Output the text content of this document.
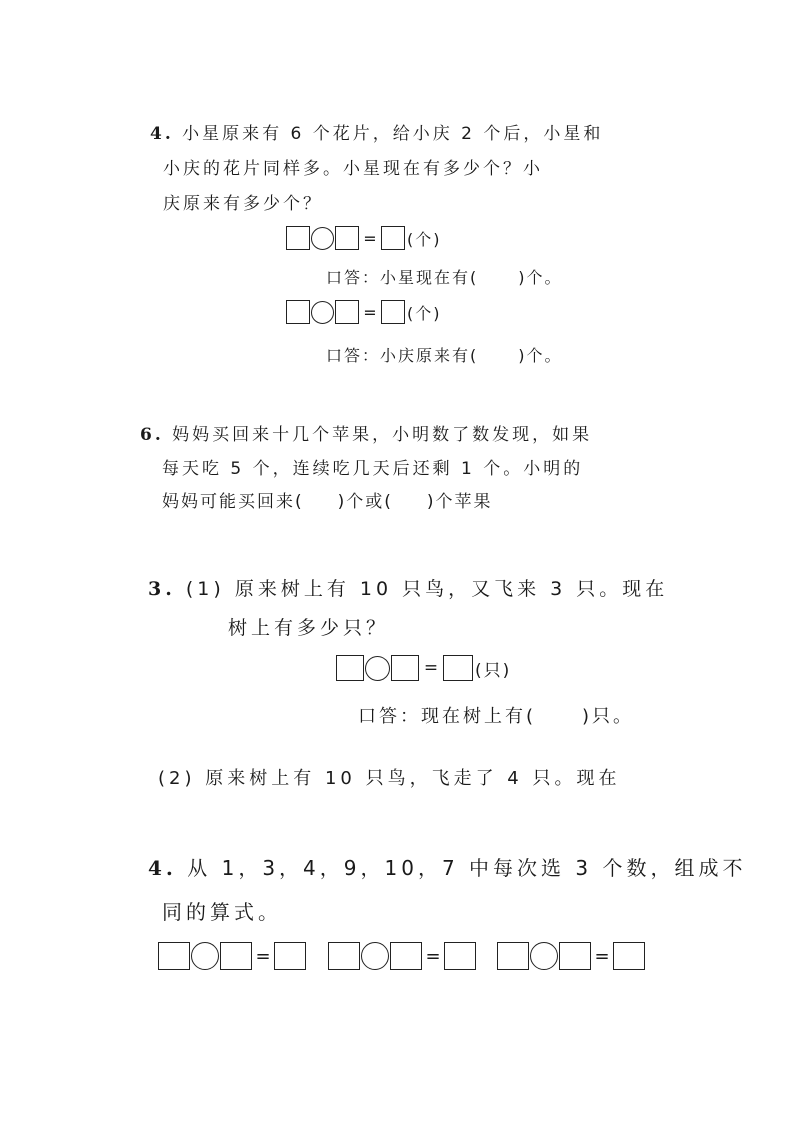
4. 小星原来有 6 个花片，给小庆 2 个后，小星和
小庆的花片同样多。小星现在有多少个？小
庆原来有多少个？
= (个)
口答：小星现在有(	)个。
= (个)
口答：小庆原来有(	)个。
6. 妈妈买回来十几个苹果，小明数了数发现，如果
每天吃 5 个，连续吃几天后还剩 1 个。小明的
妈妈可能买回来( )个或( )个苹果
3. (1) 原来树上有 10 只鸟，又飞来 3 只。现在
树上有多少只？
= (只)
口答：现在树上有(	)只。
(2) 原来树上有 10 只鸟，飞走了 4 只。现在
4. 从 1，3，4，9，10，7 中每次选 3 个数，组成不
同的算式。
=	=	=
